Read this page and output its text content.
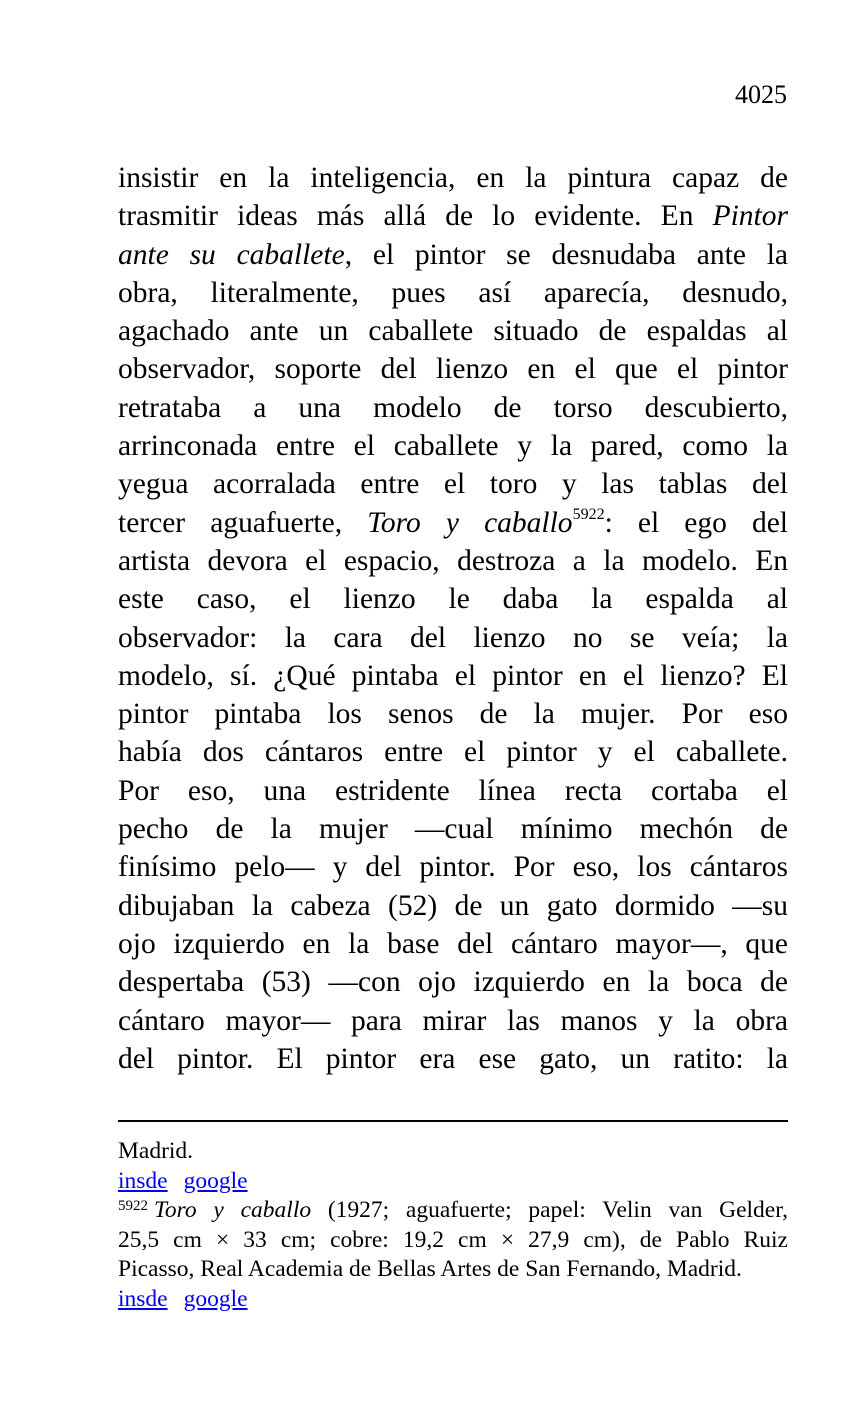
4025
insistir en la inteligencia, en la pintura capaz de
trasmitir ideas más allá de lo evidente. En Pintor
ante su caballete, el pintor se desnudaba ante la
obra, literalmente, pues así aparecía, desnudo,
agachado ante un caballete situado de espaldas al
observador, soporte del lienzo en el que el pintor
retrataba a una modelo de torso descubierto,
arrinconada entre el caballete y la pared, como la
yegua acorralada entre el toro y las tablas del
tercer aguafuerte, Toro y caballo$^{5922}$: el ego del
artista devora el espacio, destroza a la modelo. En
este caso, el lienzo le daba la espalda al
observador: la cara del lienzo no se veía; la
modelo, sí. ¿Qué pintaba el pintor en el lienzo? El
pintor pintaba los senos de la mujer. Por eso
había dos cántaros entre el pintor y el caballete.
Por eso, una estridente línea recta cortaba el
pecho de la mujer —cual mínimo mechón de
finísimo pelo— y del pintor. Por eso, los cántaros
dibujaban la cabeza (52) de un gato dormido —su
ojo izquierdo en la base del cántaro mayor—, que
despertaba (53) —con ojo izquierdo en la boca de
cántaro mayor— para mirar las manos y la obra
del pintor. El pintor era ese gato, un ratito: la
Madrid.
insde google
$^{5922}$ Toro y caballo (1927; aguafuerte; papel: Velin van Gelder,
25,5 cm × 33 cm; cobre: 19,2 cm × 27,9 cm), de Pablo Ruiz
Picasso, Real Academia de Bellas Artes de San Fernando, Madrid.
insde google
